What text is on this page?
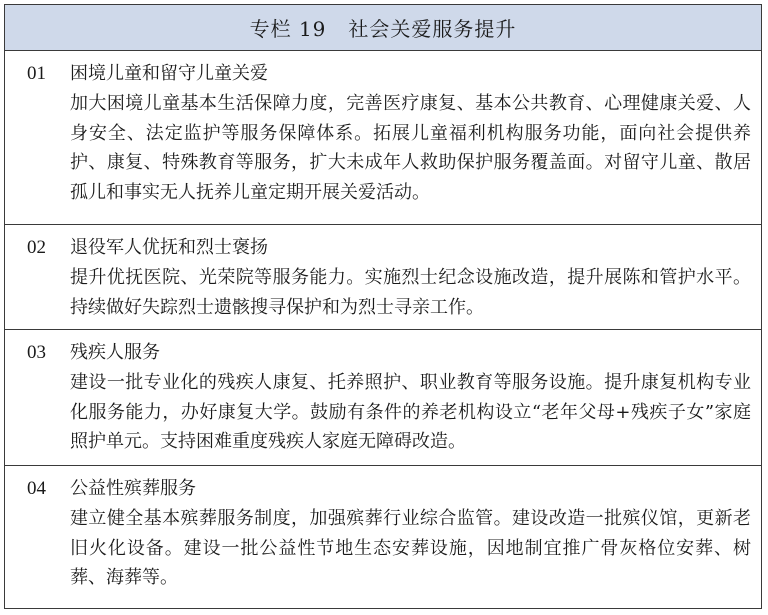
专栏 19 社会关爱服务提升
01	困境儿童和留守儿童关爱
加大困境儿童基本生活保障力度，完善医疗康复、基本公共教育、心理健康关爱、人身安全、法定监护等服务保障体系。拓展儿童福利机构服务功能，面向社会提供养护、康复、特殊教育等服务，扩大未成年人救助保护服务覆盖面。对留守儿童、散居孤儿和事实无人抚养儿童定期开展关爱活动。
02	退役军人优抚和烈士褒扬
提升优抚医院、光荣院等服务能力。实施烈士纪念设施改造，提升展陈和管护水平。持续做好失踪烈士遗骸搜寻保护和为烈士寻亲工作。
03	残疾人服务
建设一批专业化的残疾人康复、托养照护、职业教育等服务设施。提升康复机构专业化服务能力，办好康复大学。鼓励有条件的养老机构设立“老年父母+残疾子女”家庭照护单元。支持困难重度残疾人家庭无障碍改造。
04	公益性殡葬服务
建立健全基本殡葬服务制度，加强殡葬行业综合监管。建设改造一批殡仪馆，更新老旧火化设备。建设一批公益性节地生态安葬设施，因地制宜推广骨灰格位安葬、树葬、海葬等。
